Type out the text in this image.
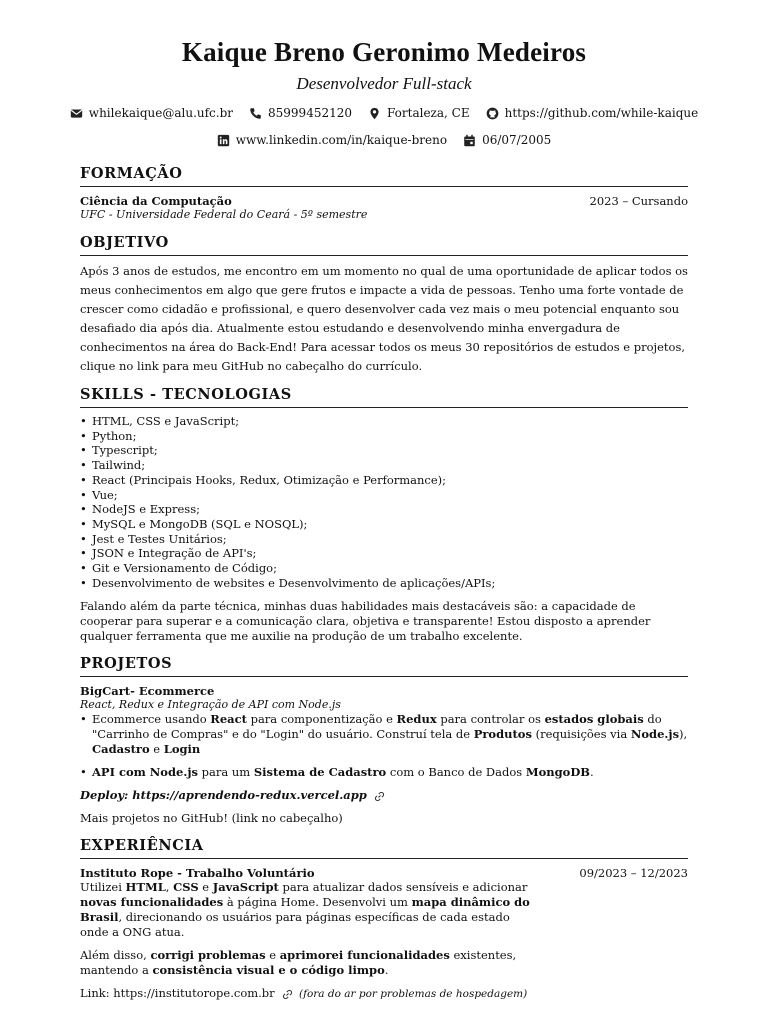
Kaique Breno Geronimo Medeiros
Desenvolvedor Full-stack
whilekaique@alu.ufc.br	85999452120	Fortaleza, CE	https://github.com/while-kaique
www.linkedin.com/in/kaique-breno	06/07/2005
FORMAÇÃO
Ciência da Computação	2023 – Cursando
UFC - Universidade Federal do Ceará - 5º semestre
OBJETIVO

Após 3 anos de estudos, me encontro em um momento no qual de uma oportunidade de aplicar todos os meus conhecimentos em algo que gere frutos e impacte a vida de pessoas. Tenho uma forte vontade de crescer como cidadão e profissional, e quero desenvolver cada vez mais o meu potencial enquanto sou desafiado dia após dia. Atualmente estou estudando e desenvolvendo minha envergadura de conhecimentos na área do Back-End! Para acessar todos os meus 30 repositórios de estudos e projetos, clique no link para meu GitHub no cabeçalho do currículo.

SKILLS - TECNOLOGIAS
• HTML, CSS e JavaScript;
• Python;
• Typescript;
• Tailwind;
• React (Principais Hooks, Redux, Otimização e Performance);
• Vue;
• NodeJS e Express;
• MySQL e MongoDB (SQL e NOSQL);
• Jest e Testes Unitários;
• JSON e Integração de API's;
• Git e Versionamento de Código;
• Desenvolvimento de websites e Desenvolvimento de aplicações/APIs;

Falando além da parte técnica, minhas duas habilidades mais destacáveis são: a capacidade de cooperar para superar e a comunicação clara, objetiva e transparente! Estou disposto a aprender qualquer ferramenta que me auxilie na produção de um trabalho excelente.

PROJETOS
BigCart- Ecommerce
React, Redux e Integração de API com Node.js
• Ecommerce usando React para componentização e Redux para controlar os estados globais do "Carrinho de Compras" e do "Login" do usuário. Construí tela de Produtos (requisições via Node.js), Cadastro e Login
• API com Node.js para um Sistema de Cadastro com o Banco de Dados MongoDB.
Deploy: https://aprendendo-redux.vercel.app
Mais projetos no GitHub! (link no cabeçalho)
EXPERIÊNCIA
Instituto Rope - Trabalho Voluntário	09/2023 – 12/2023

Utilizei HTML, CSS e JavaScript para atualizar dados sensíveis e adicionar novas funcionalidades à página Home. Desenvolvi um mapa dinâmico do Brasil, direcionando os usuários para páginas específicas de cada estado onde a ONG atua.

Além disso, corrigi problemas e aprimorei funcionalidades existentes, mantendo a consistência visual e o código limpo.

Link: https://institutorope.com.br (fora do ar por problemas de hospedagem)
